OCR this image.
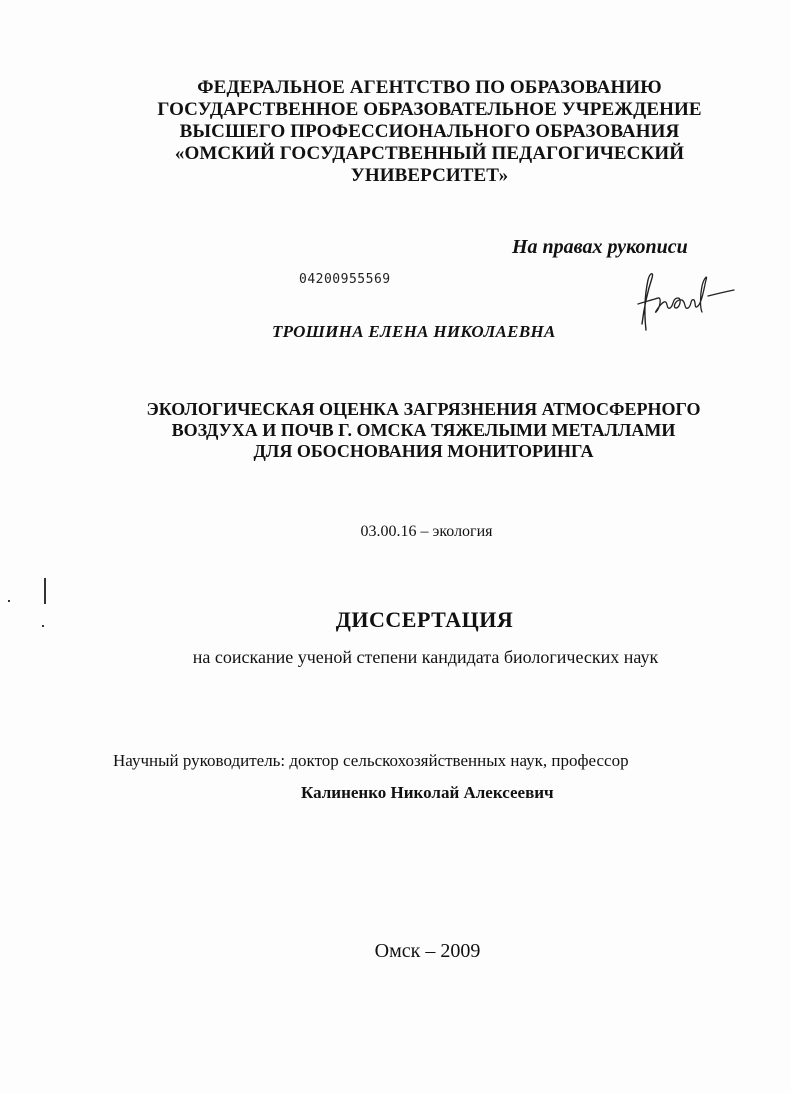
ФЕДЕРАЛЬНОЕ АГЕНТСТВО ПО ОБРАЗОВАНИЮ
ГОСУДАРСТВЕННОЕ ОБРАЗОВАТЕЛЬНОЕ УЧРЕЖДЕНИЕ
ВЫСШЕГО ПРОФЕССИОНАЛЬНОГО ОБРАЗОВАНИЯ
«ОМСКИЙ ГОСУДАРСТВЕННЫЙ ПЕДАГОГИЧЕСКИЙ
УНИВЕРСИТЕТ»
На правах рукописи
04200955569
ТРОШИНА ЕЛЕНА НИКОЛАЕВНА
ЭКОЛОГИЧЕСКАЯ ОЦЕНКА ЗАГРЯЗНЕНИЯ АТМОСФЕРНОГО
ВОЗДУХА И ПОЧВ Г. ОМСКА ТЯЖЕЛЫМИ МЕТАЛЛАМИ
ДЛЯ ОБОСНОВАНИЯ МОНИТОРИНГА
03.00.16 – экология
ДИССЕРТАЦИЯ
на соискание ученой степени кандидата биологических наук
Научный руководитель: доктор сельскохозяйственных наук, профессор
Калиненко Николай Алексеевич
Омск – 2009
